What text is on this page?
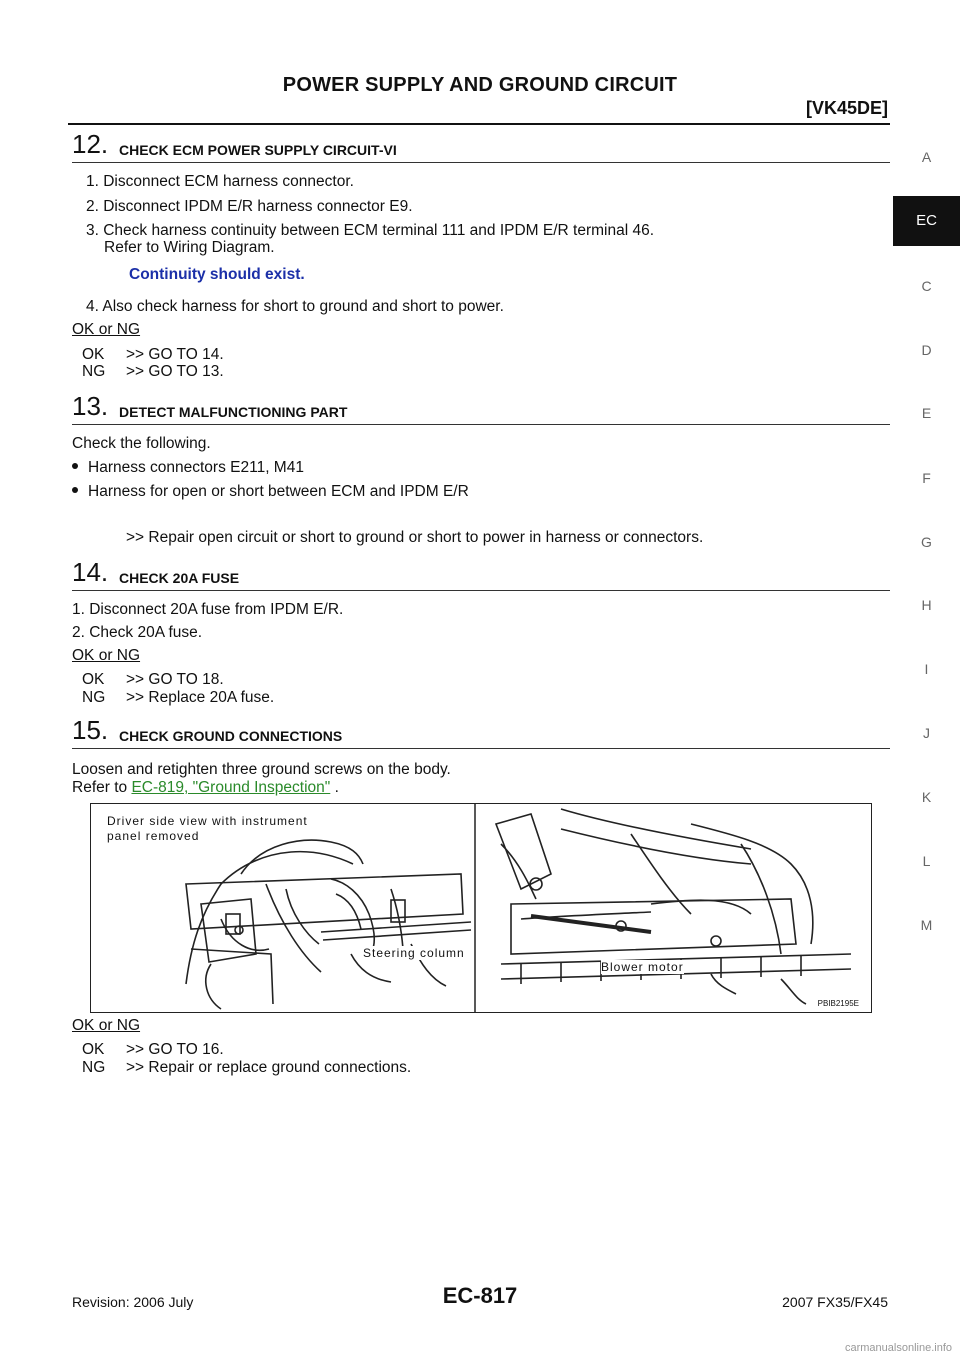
POWER SUPPLY AND GROUND CIRCUIT
[VK45DE]
A
EC
C
D
E
F
G
H
I
J
K
L
M
12. CHECK ECM POWER SUPPLY CIRCUIT-VI
1. Disconnect ECM harness connector.
2. Disconnect IPDM E/R harness connector E9.
3. Check harness continuity between ECM terminal 111 and IPDM E/R terminal 46.
Refer to Wiring Diagram.
Continuity should exist.
4. Also check harness for short to ground and short to power.
OK or NG
OK >> GO TO 14.
NG >> GO TO 13.
13. DETECT MALFUNCTIONING PART
Check the following.
Harness connectors E211, M41
Harness for open or short between ECM and IPDM E/R
>> Repair open circuit or short to ground or short to power in harness or connectors.
14. CHECK 20A FUSE
1. Disconnect 20A fuse from IPDM E/R.
2. Check 20A fuse.
OK or NG
OK >> GO TO 18.
NG >> Replace 20A fuse.
15. CHECK GROUND CONNECTIONS
Loosen and retighten three ground screws on the body.
Refer to EC-819, "Ground Inspection" .
Driver side view with instrument
panel removed
Steering column
Blower motor
PBIB2195E
OK or NG
OK >> GO TO 16.
NG >> Repair or replace ground connections.
Revision: 2006 July	EC-817	2007 FX35/FX45
carmanualsonline.info
